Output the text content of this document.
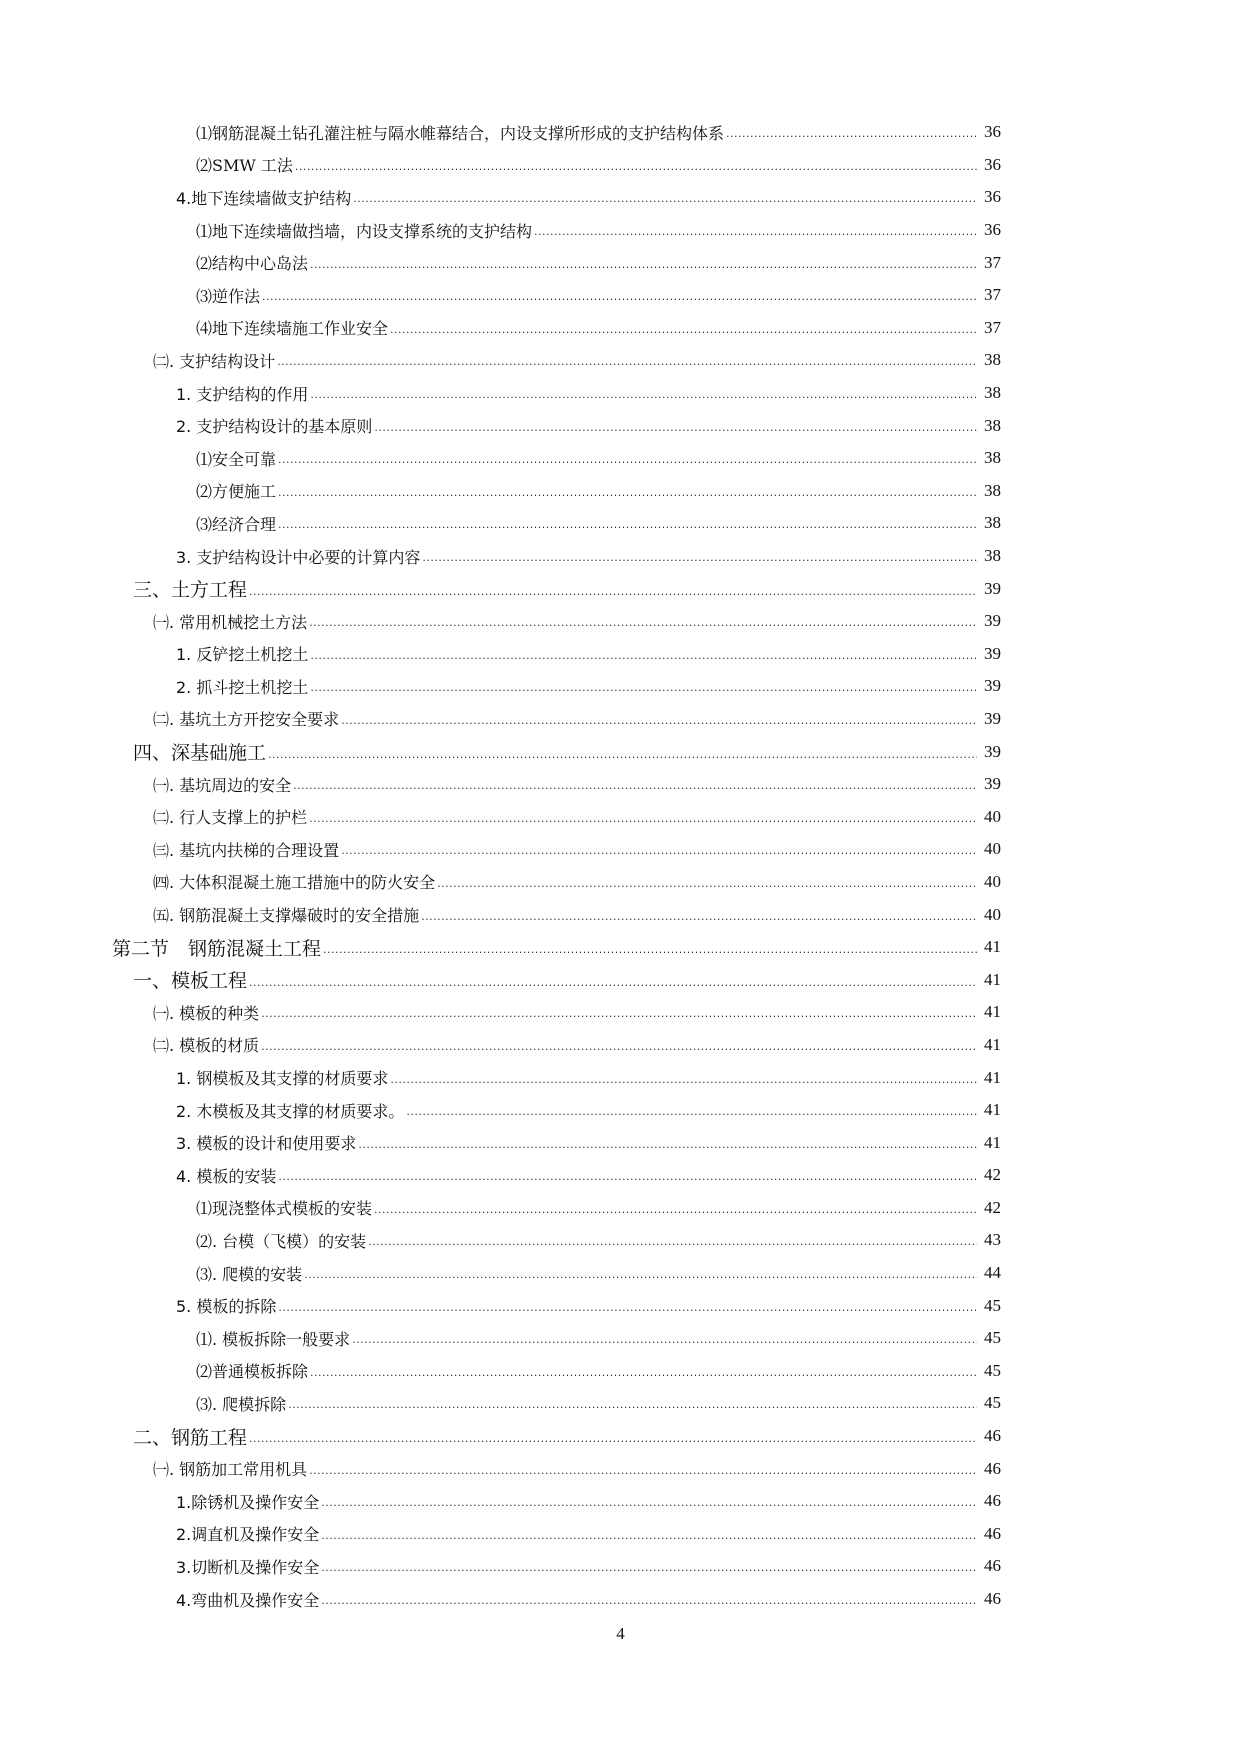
⑴钢筋混凝土钻孔灌注桩与隔水帷幕结合，内设支撑所形成的支护结构体系 .....	36
⑵SMW 工法 .....	36
4.地下连续墙做支护结构 .....	36
⑴地下连续墙做挡墙，内设支撑系统的支护结构 .....	36
⑵结构中心岛法 .....	37
⑶逆作法 .....	37
⑷地下连续墙施工作业安全 .....	37
㈡. 支护结构设计 .....	38
1. 支护结构的作用 .....	38
2. 支护结构设计的基本原则 .....	38
⑴安全可靠 .....	38
⑵方便施工 .....	38
⑶经济合理 .....	38
3. 支护结构设计中必要的计算内容 .....	38
三、土方工程 .....	39
㈠. 常用机械挖土方法 .....	39
1. 反铲挖土机挖土 .....	39
2. 抓斗挖土机挖土 .....	39
㈡. 基坑土方开挖安全要求 .....	39
四、深基础施工 .....	39
㈠. 基坑周边的安全 .....	39
㈡. 行人支撑上的护栏 .....	40
㈢. 基坑内扶梯的合理设置 .....	40
㈣. 大体积混凝土施工措施中的防火安全 .....	40
㈤. 钢筋混凝土支撑爆破时的安全措施 .....	40
第二节　钢筋混凝土工程 .....	41
一、模板工程 .....	41
㈠. 模板的种类 .....	41
㈡. 模板的材质 .....	41
1. 钢模板及其支撑的材质要求 .....	41
2. 木模板及其支撑的材质要求。 .....	41
3. 模板的设计和使用要求 .....	41
4. 模板的安装 .....	42
⑴现浇整体式模板的安装 .....	42
⑵. 台模（飞模）的安装 .....	43
⑶. 爬模的安装 .....	44
5. 模板的拆除 .....	45
⑴. 模板拆除一般要求 .....	45
⑵普通模板拆除 .....	45
⑶. 爬模拆除 .....	45
二、钢筋工程 .....	46
㈠. 钢筋加工常用机具 .....	46
1.除锈机及操作安全 .....	46
2.调直机及操作安全 .....	46
3.切断机及操作安全 .....	46
4.弯曲机及操作安全 .....	46
4
